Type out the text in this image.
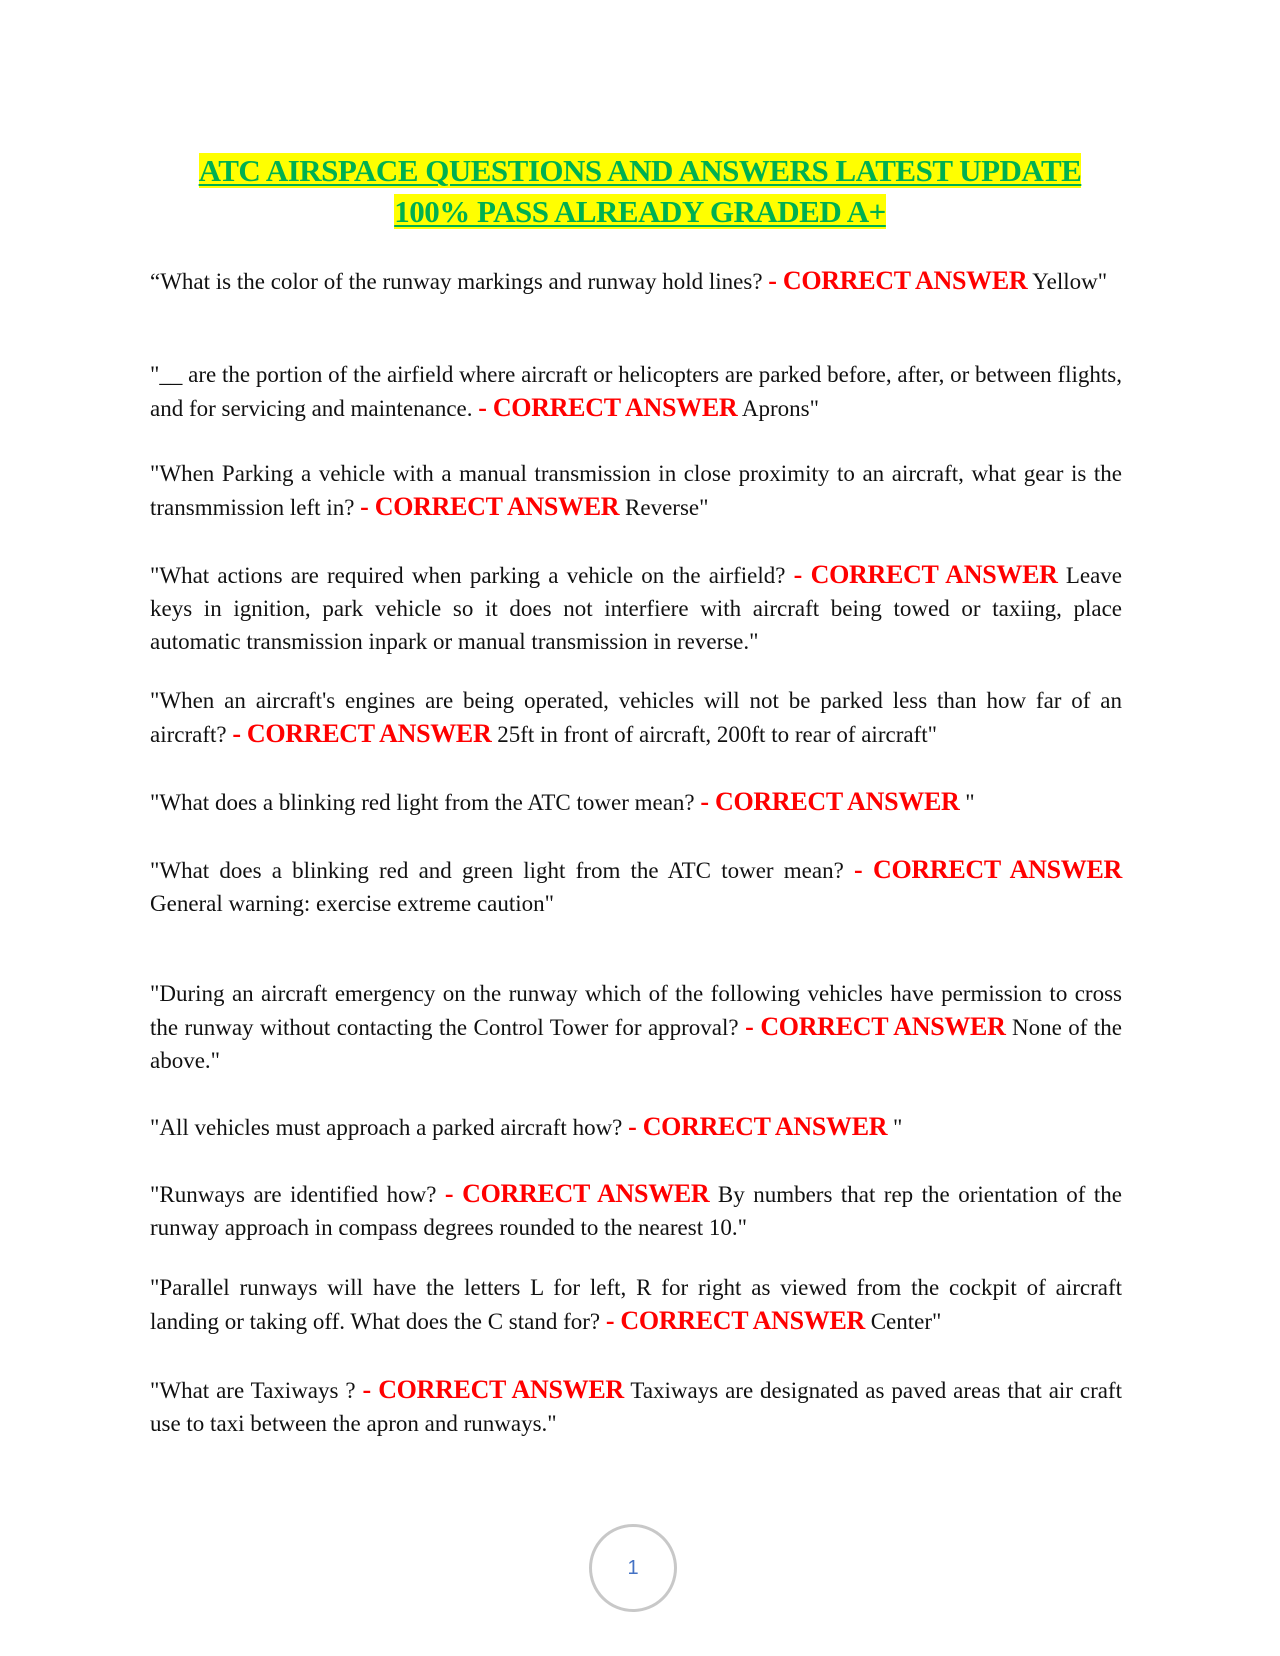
ATC AIRSPACE QUESTIONS AND ANSWERS LATEST UPDATE
100% PASS ALREADY GRADED A+
“What is the color of the runway markings and runway hold lines? - CORRECT ANSWER Yellow"
"__ are the portion of the airfield where aircraft or helicopters are parked before, after, or between flights, and for servicing and maintenance. - CORRECT ANSWER Aprons"
"When Parking a vehicle with a manual transmission in close proximity to an aircraft, what gear is the transmmission left in? - CORRECT ANSWER Reverse"
"What actions are required when parking a vehicle on the airfield? - CORRECT ANSWER Leave keys in ignition, park vehicle so it does not interfiere with aircraft being towed or taxiing, place automatic transmission inpark or manual transmission in reverse."
"When an aircraft's engines are being operated, vehicles will not be parked less than how far of an aircraft? - CORRECT ANSWER 25ft in front of aircraft, 200ft to rear of aircraft"
"What does a blinking red light from the ATC tower mean? - CORRECT ANSWER "
"What does a blinking red and green light from the ATC tower mean? - CORRECT ANSWER General warning: exercise extreme caution"
"During an aircraft emergency on the runway which of the following vehicles have permission to cross the runway without contacting the Control Tower for approval? - CORRECT ANSWER None of the above."
"All vehicles must approach a parked aircraft how? - CORRECT ANSWER "
"Runways are identified how? - CORRECT ANSWER By numbers that rep the orientation of the runway approach in compass degrees rounded to the nearest 10."
"Parallel runways will have the letters L for left, R for right as viewed from the cockpit of aircraft landing or taking off. What does the C stand for? - CORRECT ANSWER Center"
"What are Taxiways ? - CORRECT ANSWER Taxiways are designated as paved areas that air craft use to taxi between the apron and runways."
1
